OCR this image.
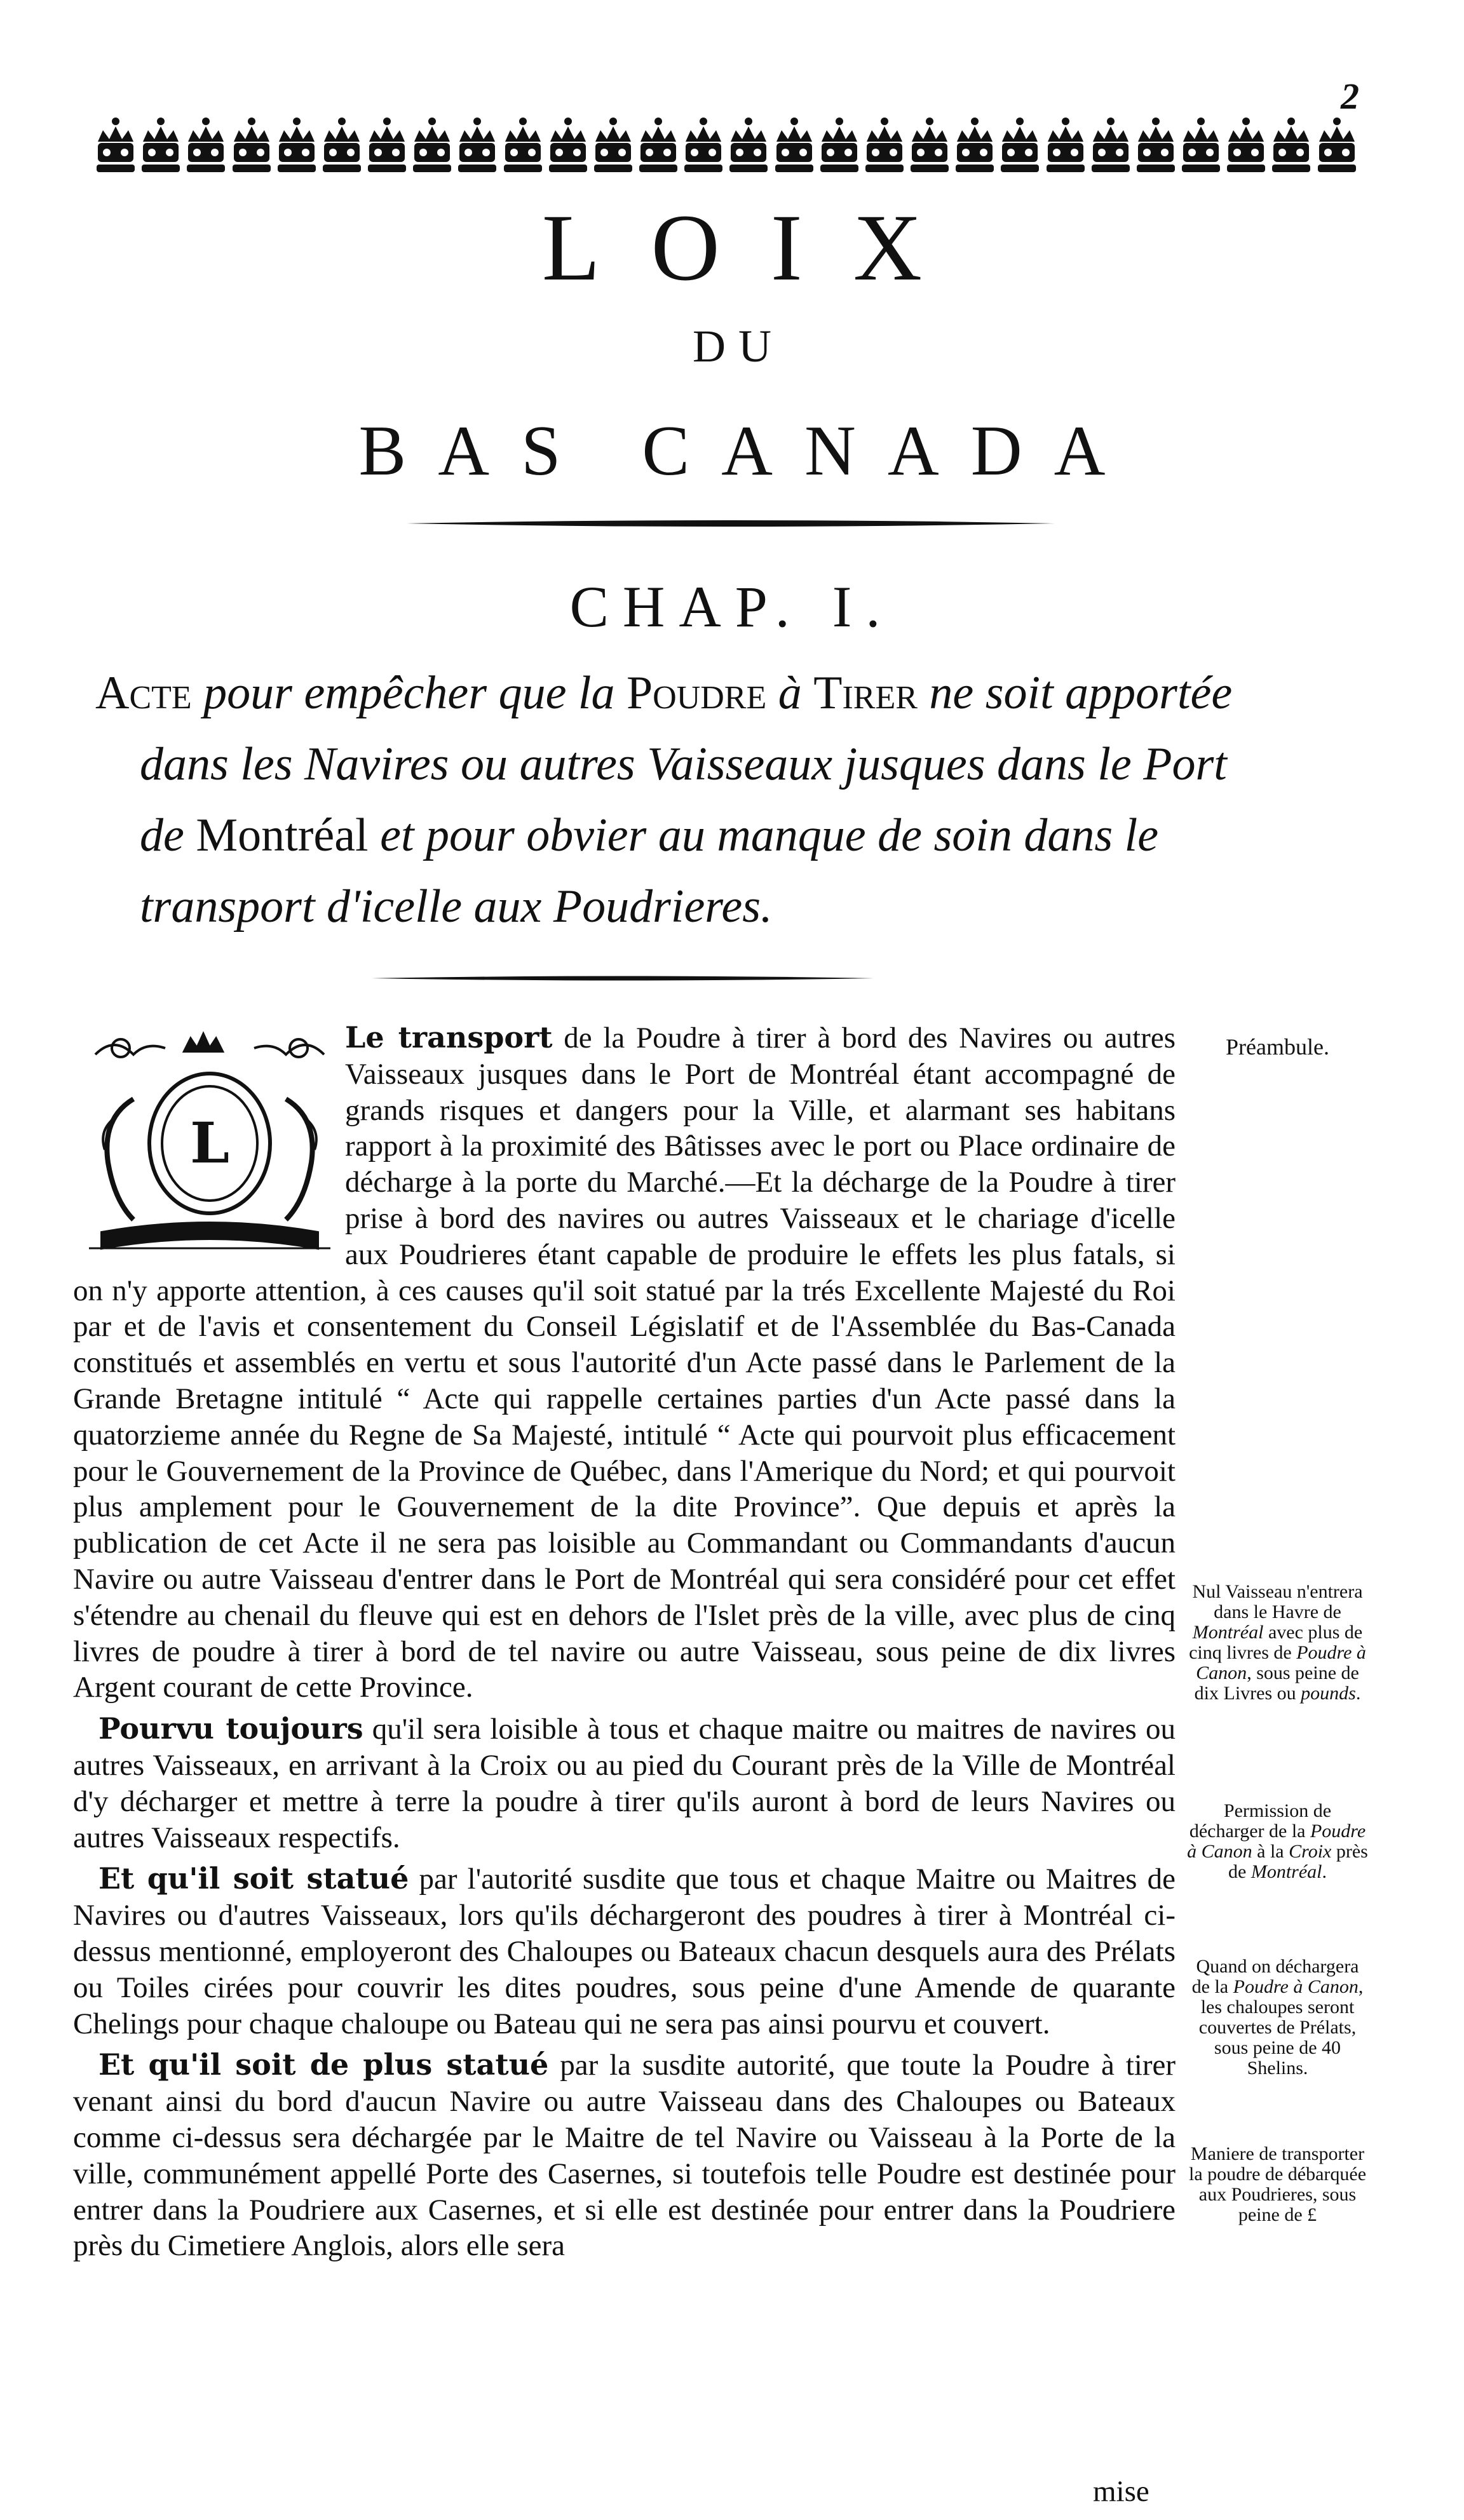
2
LOIX
DU
BAS CANADA
CHAP. I.

Acte pour empêcher que la Poudre à Tirer ne soit apportée dans les Navires ou autres Vaisseaux jusques dans le Port de Montréal et pour obvier au manque de soin dans le transport d'icelle aux Poudrieres.

L

Le transport de la Poudre à tirer à bord des Navires ou autres Vaisseaux jusques dans le Port de Montréal étant accompagné de grands risques et dangers pour la Ville, et alarmant ses habitans rapport à la proximité des Bâtisses avec le port ou Place ordinaire de décharge à la porte du Marché.—Et la décharge de la Poudre à tirer prise à bord des navires ou autres Vaisseaux et le chariage d'icelle aux Poudrieres étant capable de produire le effets les plus fatals, si on n'y apporte attention, à ces causes qu'il soit statué par la trés Excellente Majesté du Roi par et de l'avis et consentement du Conseil Législatif et de l'Assemblée du Bas-Canada constitués et assemblés en vertu et sous l'autorité d'un Acte passé dans le Parlement de la Grande Bretagne intitulé “ Acte qui rappelle certaines parties d'un Acte passé dans la quatorzieme année du Regne de Sa Majesté, intitulé “ Acte qui pourvoit plus efficacement pour le Gouvernement de la Province de Québec, dans l'Amerique du Nord; et qui pourvoit plus amplement pour le Gouvernement de la dite Province”. Que depuis et après la publication de cet Acte il ne sera pas loisible au Commandant ou Commandants d'aucun Navire ou autre Vaisseau d'entrer dans le Port de Montréal qui sera considéré pour cet effet s'étendre au chenail du fleuve qui est en dehors de l'Islet près de la ville, avec plus de cinq livres de poudre à tirer à bord de tel navire ou autre Vaisseau, sous peine de dix livres Argent courant de cette Province.

Pourvu toujours qu'il sera loisible à tous et chaque maitre ou maitres de navires ou autres Vaisseaux, en arrivant à la Croix ou au pied du Courant près de la Ville de Montréal d'y décharger et mettre à terre la poudre à tirer qu'ils auront à bord de leurs Navires ou autres Vaisseaux respectifs.

Et qu'il soit statué par l'autorité susdite que tous et chaque Maitre ou Maitres de Navires ou d'autres Vaisseaux, lors qu'ils déchargeront des poudres à tirer à Montréal ci-dessus mentionné, employeront des Chaloupes ou Bateaux chacun desquels aura des Prélats ou Toiles cirées pour couvrir les dites poudres, sous peine d'une Amende de quarante Chelings pour chaque chaloupe ou Bateau qui ne sera pas ainsi pourvu et couvert.

Et qu'il soit de plus statué par la susdite autorité, que toute la Poudre à tirer venant ainsi du bord d'aucun Navire ou autre Vaisseau dans des Chaloupes ou Bateaux comme ci-dessus sera déchargée par le Maitre de tel Navire ou Vaisseau à la Porte de la ville, communément appellé Porte des Casernes, si toutefois telle Poudre est destinée pour entrer dans la Poudriere aux Casernes, et si elle est destinée pour entrer dans la Poudriere près du Cimetiere Anglois, alors elle sera

mise
Préambule.
Nul Vaisseau n'entrera dans le Havre de Montréal avec plus de cinq livres de Poudre à Canon, sous peine de dix Livres ou pounds.
Permission de décharger de la Poudre à Canon à la Croix près de Montréal.
Quand on déchargera de la Poudre à Canon, les chaloupes seront couvertes de Prélats, sous peine de 40 Shelins.
Maniere de transporter la poudre de débarquée aux Poudrieres, sous peine de £
